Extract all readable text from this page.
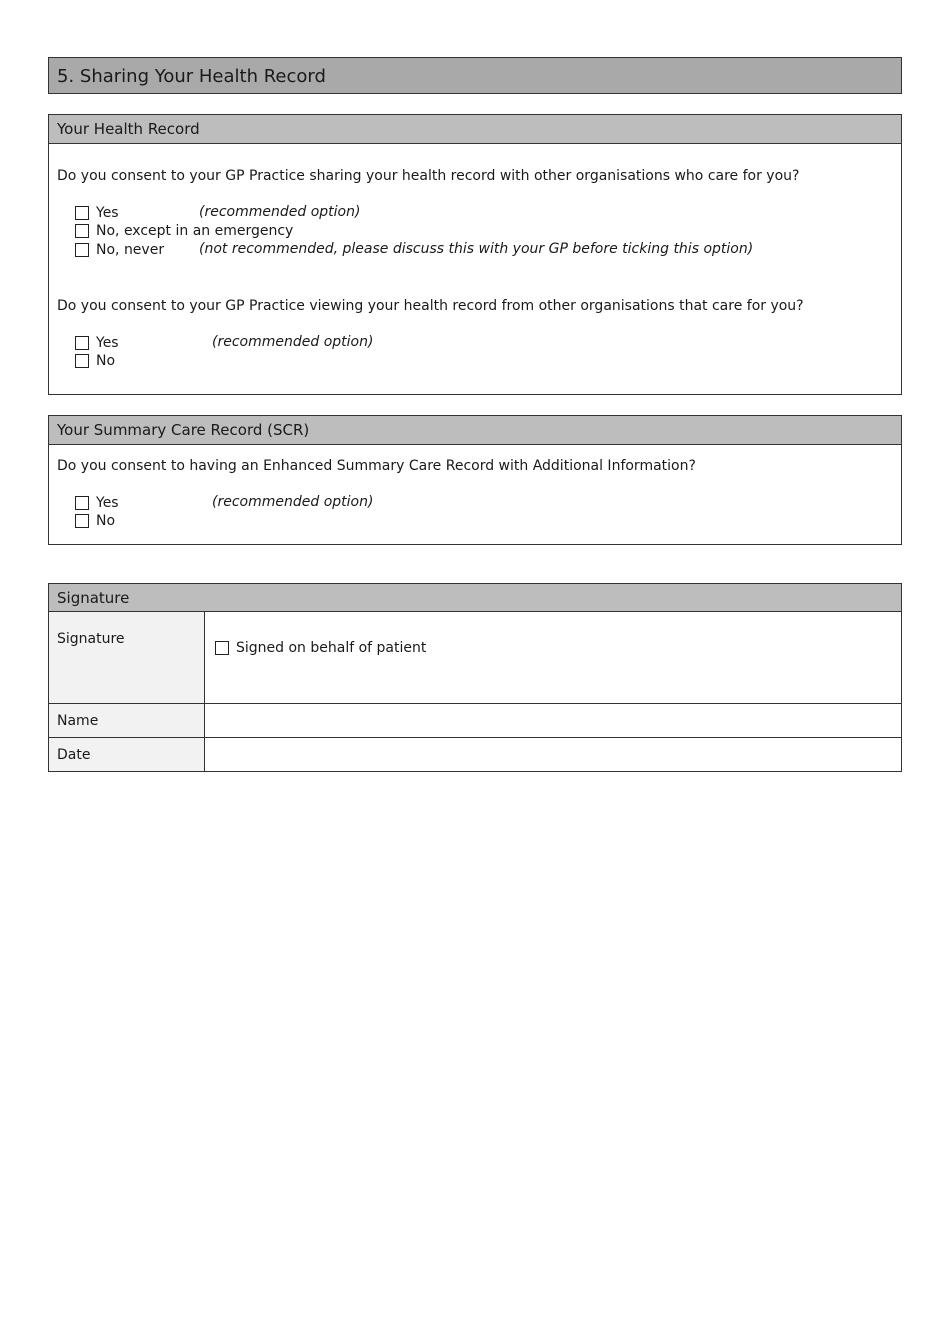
5. Sharing Your Health Record
Your Health Record
Do you consent to your GP Practice sharing your health record with other organisations who care for you?
Yes	(recommended option)
No, except in an emergency
No, never (not recommended, please discuss this with your GP before ticking this option)
Do you consent to your GP Practice viewing your health record from other organisations that care for you?
Yes	(recommended option)
No
Your Summary Care Record (SCR)
Do you consent to having an Enhanced Summary Care Record with Additional Information?
Yes	(recommended option)
No
Signature	

Signature	Signed on behalf of patient

Name	
Date	
